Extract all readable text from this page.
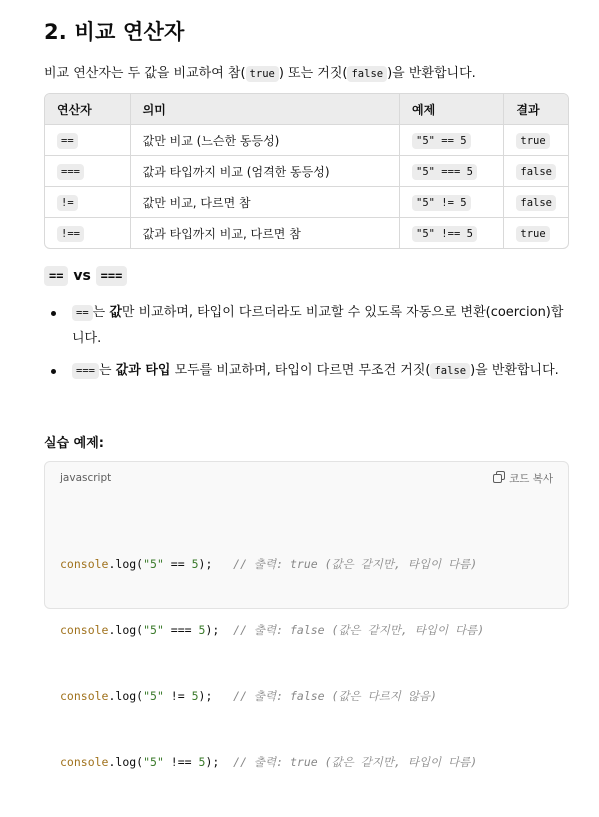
2. 비교 연산자

비교 연산자는 두 값을 비교하여 참( true ) 또는 거짓( false )을 반환합니다.

연산자	의미	예제	결과
==	값만 비교 (느슨한 동등성)	"5" == 5	true
===	값과 타입까지 비교 (엄격한 동등성)	"5" === 5	false
!=	값만 비교, 다르면 참	"5" != 5	false
!==	값과 타입까지 비교, 다르면 참	"5" !== 5	true
== vs ===
== 는 값만 비교하며, 타입이 다르더라도 비교할 수 있도록 자동으로 변환(coercion)합니다.
=== 는 값과 타입 모두를 비교하며, 타입이 다르면 무조건 거짓( false )을 반환합니다.
실습 예제:
javascript	코드 복사

console.log("5" == 5);   // 출력: true (값은 같지만, 타입이 다름)

console.log("5" === 5);  // 출력: false (값은 같지만, 타입이 다름)

console.log("5" != 5);   // 출력: false (값은 다르지 않음)

console.log("5" !== 5);  // 출력: true (값은 같지만, 타입이 다름)
